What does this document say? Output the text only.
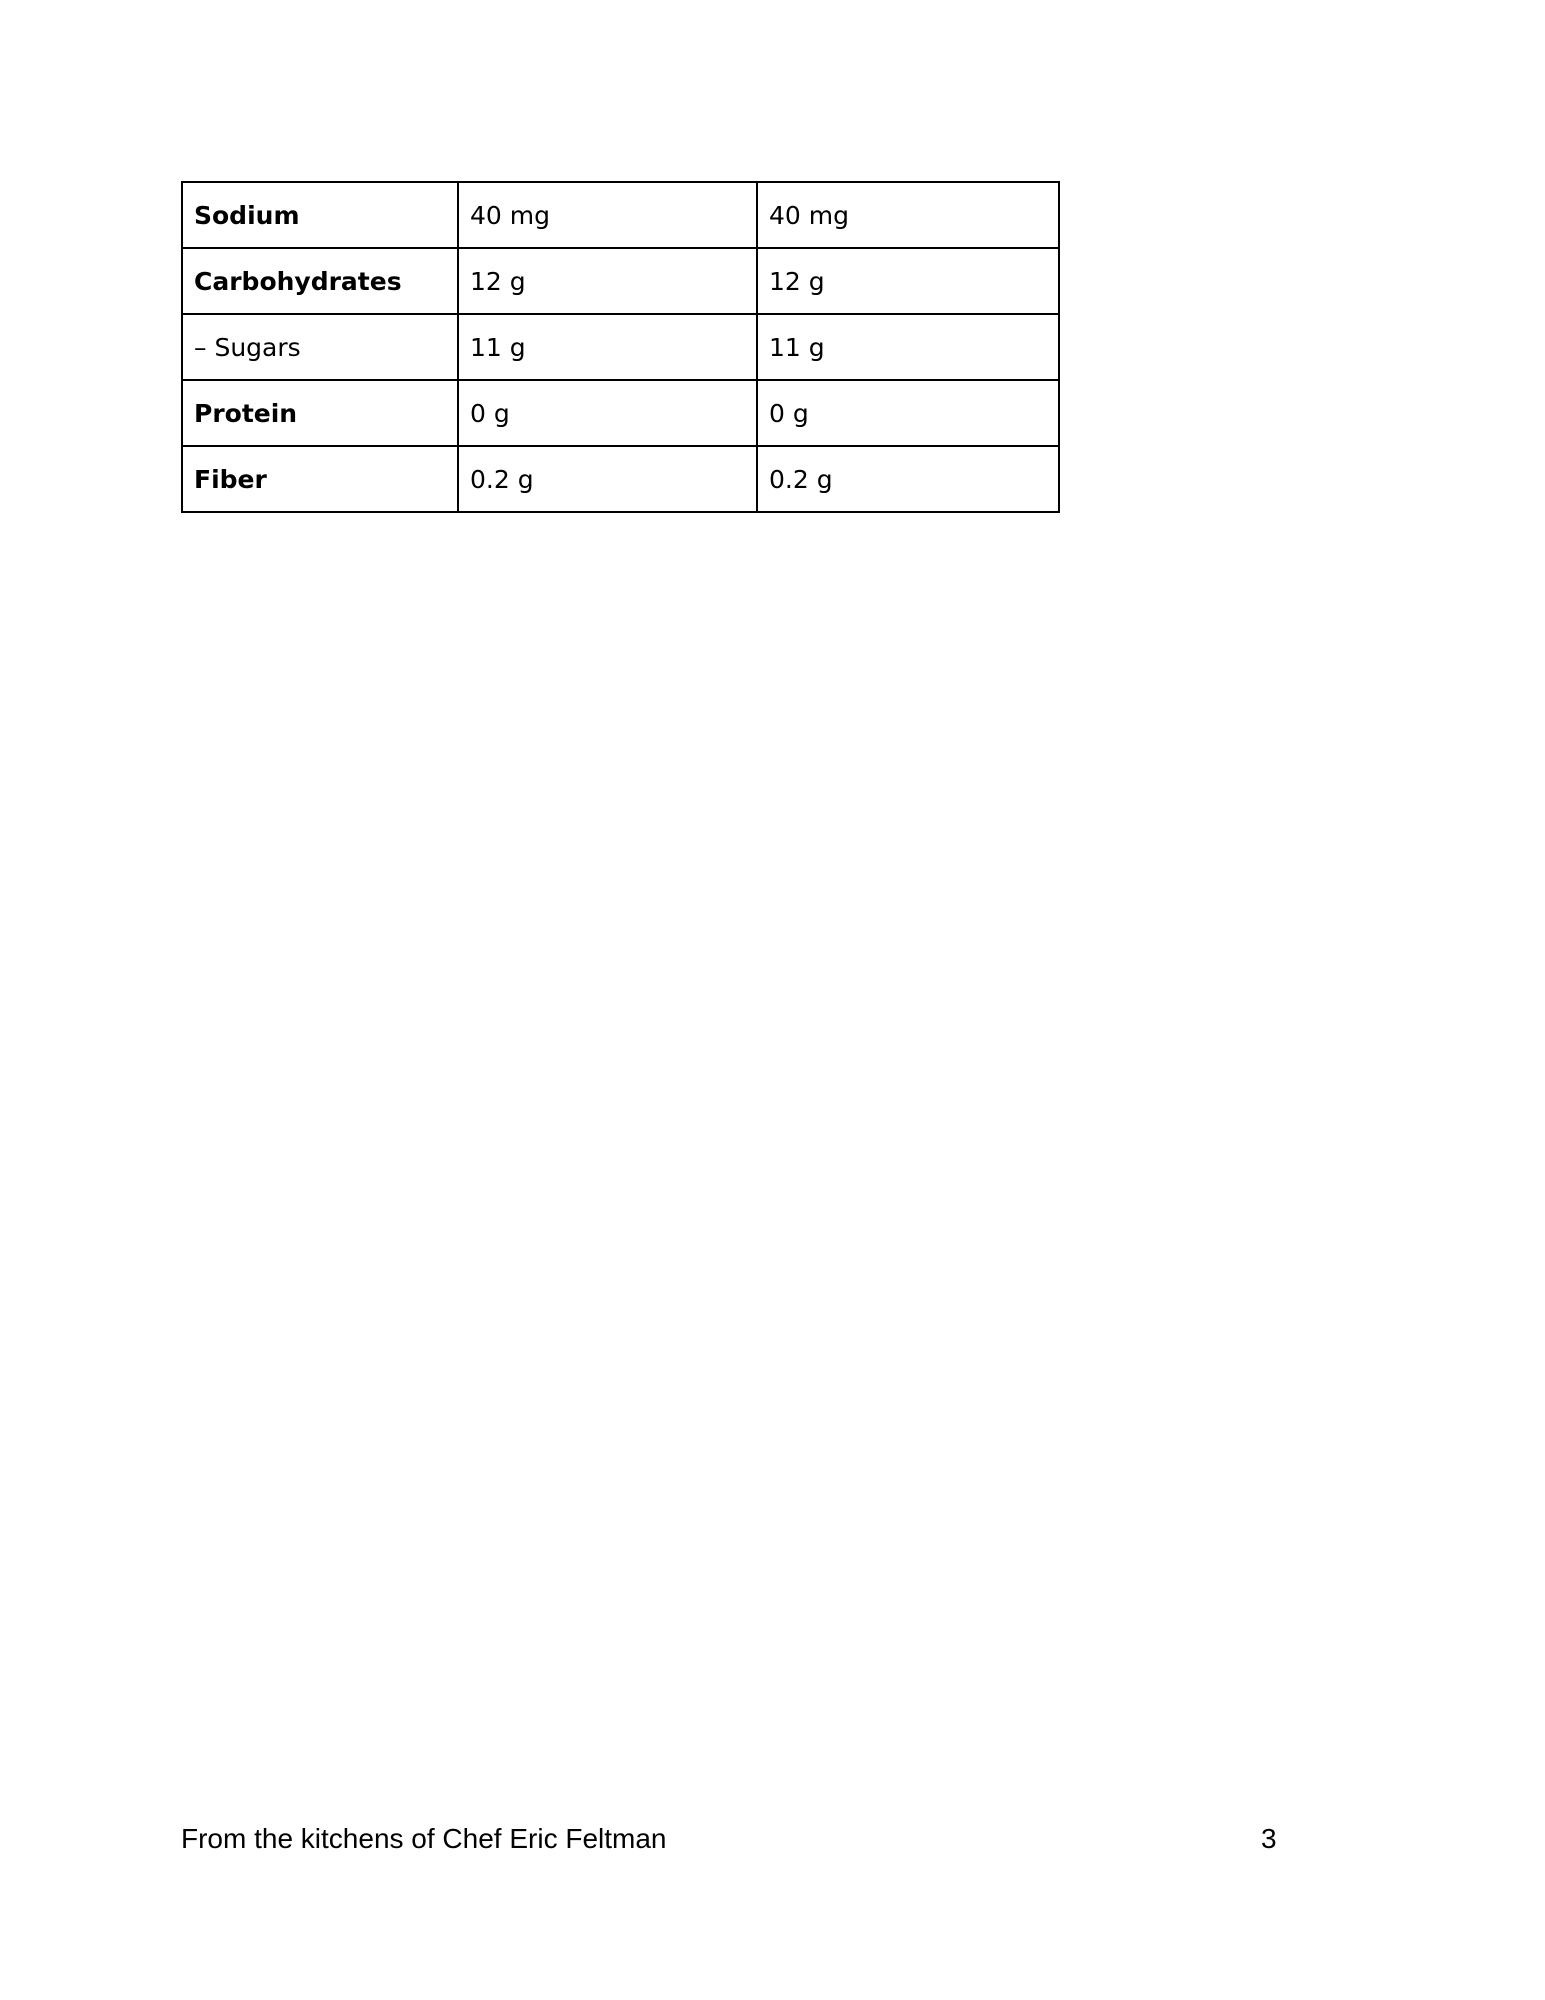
Sodium	40 mg	40 mg
Carbohydrates	12 g	12 g
– Sugars	11 g	11 g
Protein	0 g	0 g
Fiber	0.2 g	0.2 g
From the kitchens of Chef Eric Feltman	3
